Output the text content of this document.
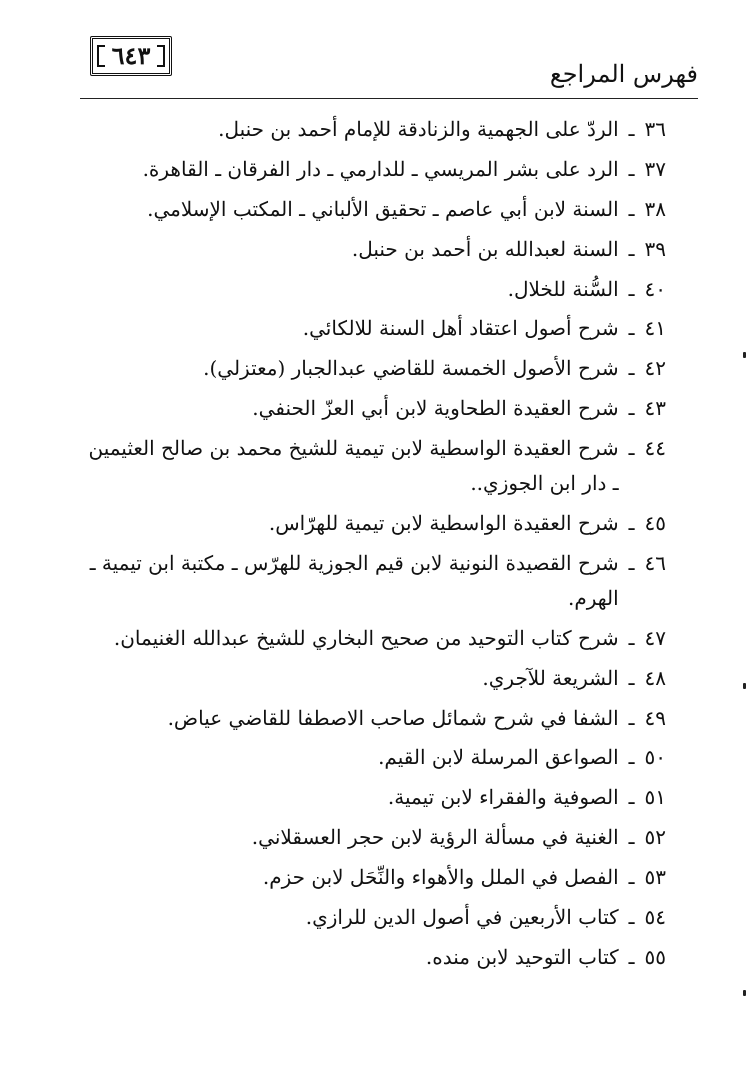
٦٤٣
فهرس المراجع
٣٦
ـ
الردّ على الجهمية والزنادقة للإمام أحمد بن حنبل.
٣٧
ـ
الرد على بشر المريسي ـ للدارمي ـ دار الفرقان ـ القاهرة.
٣٨
ـ
السنة لابن أبي عاصم ـ تحقيق الألباني ـ المكتب الإسلامي.
٣٩
ـ
السنة لعبدالله بن أحمد بن حنبل.
٤٠
ـ
السُّنة للخلال.
٤١
ـ
شرح أصول اعتقاد أهل السنة للالكائي.
٤٢
ـ
شرح الأصول الخمسة للقاضي عبدالجبار (معتزلي).
٤٣
ـ
شرح العقيدة الطحاوية لابن أبي العزّ الحنفي.
٤٤
ـ
شرح العقيدة الواسطية لابن تيمية للشيخ محمد بن صالح العثيمين ـ دار ابن الجوزي..
٤٥
ـ
شرح العقيدة الواسطية لابن تيمية للهرّاس.
٤٦
ـ
شرح القصيدة النونية لابن قيم الجوزية للهرّس ـ مكتبة ابن تيمية ـ الهرم.
٤٧
ـ
شرح كتاب التوحيد من صحيح البخاري للشيخ عبدالله الغنيمان.
٤٨
ـ
الشريعة للآجري.
٤٩
ـ
الشفا في شرح شمائل صاحب الاصطفا للقاضي عياض.
٥٠
ـ
الصواعق المرسلة لابن القيم.
٥١
ـ
الصوفية والفقراء لابن تيمية.
٥٢
ـ
الغنية في مسألة الرؤية لابن حجر العسقلاني.
٥٣
ـ
الفصل في الملل والأهواء والنِّحَل لابن حزم.
٥٤
ـ
كتاب الأربعين في أصول الدين للرازي.
٥٥
ـ
كتاب التوحيد لابن منده.
